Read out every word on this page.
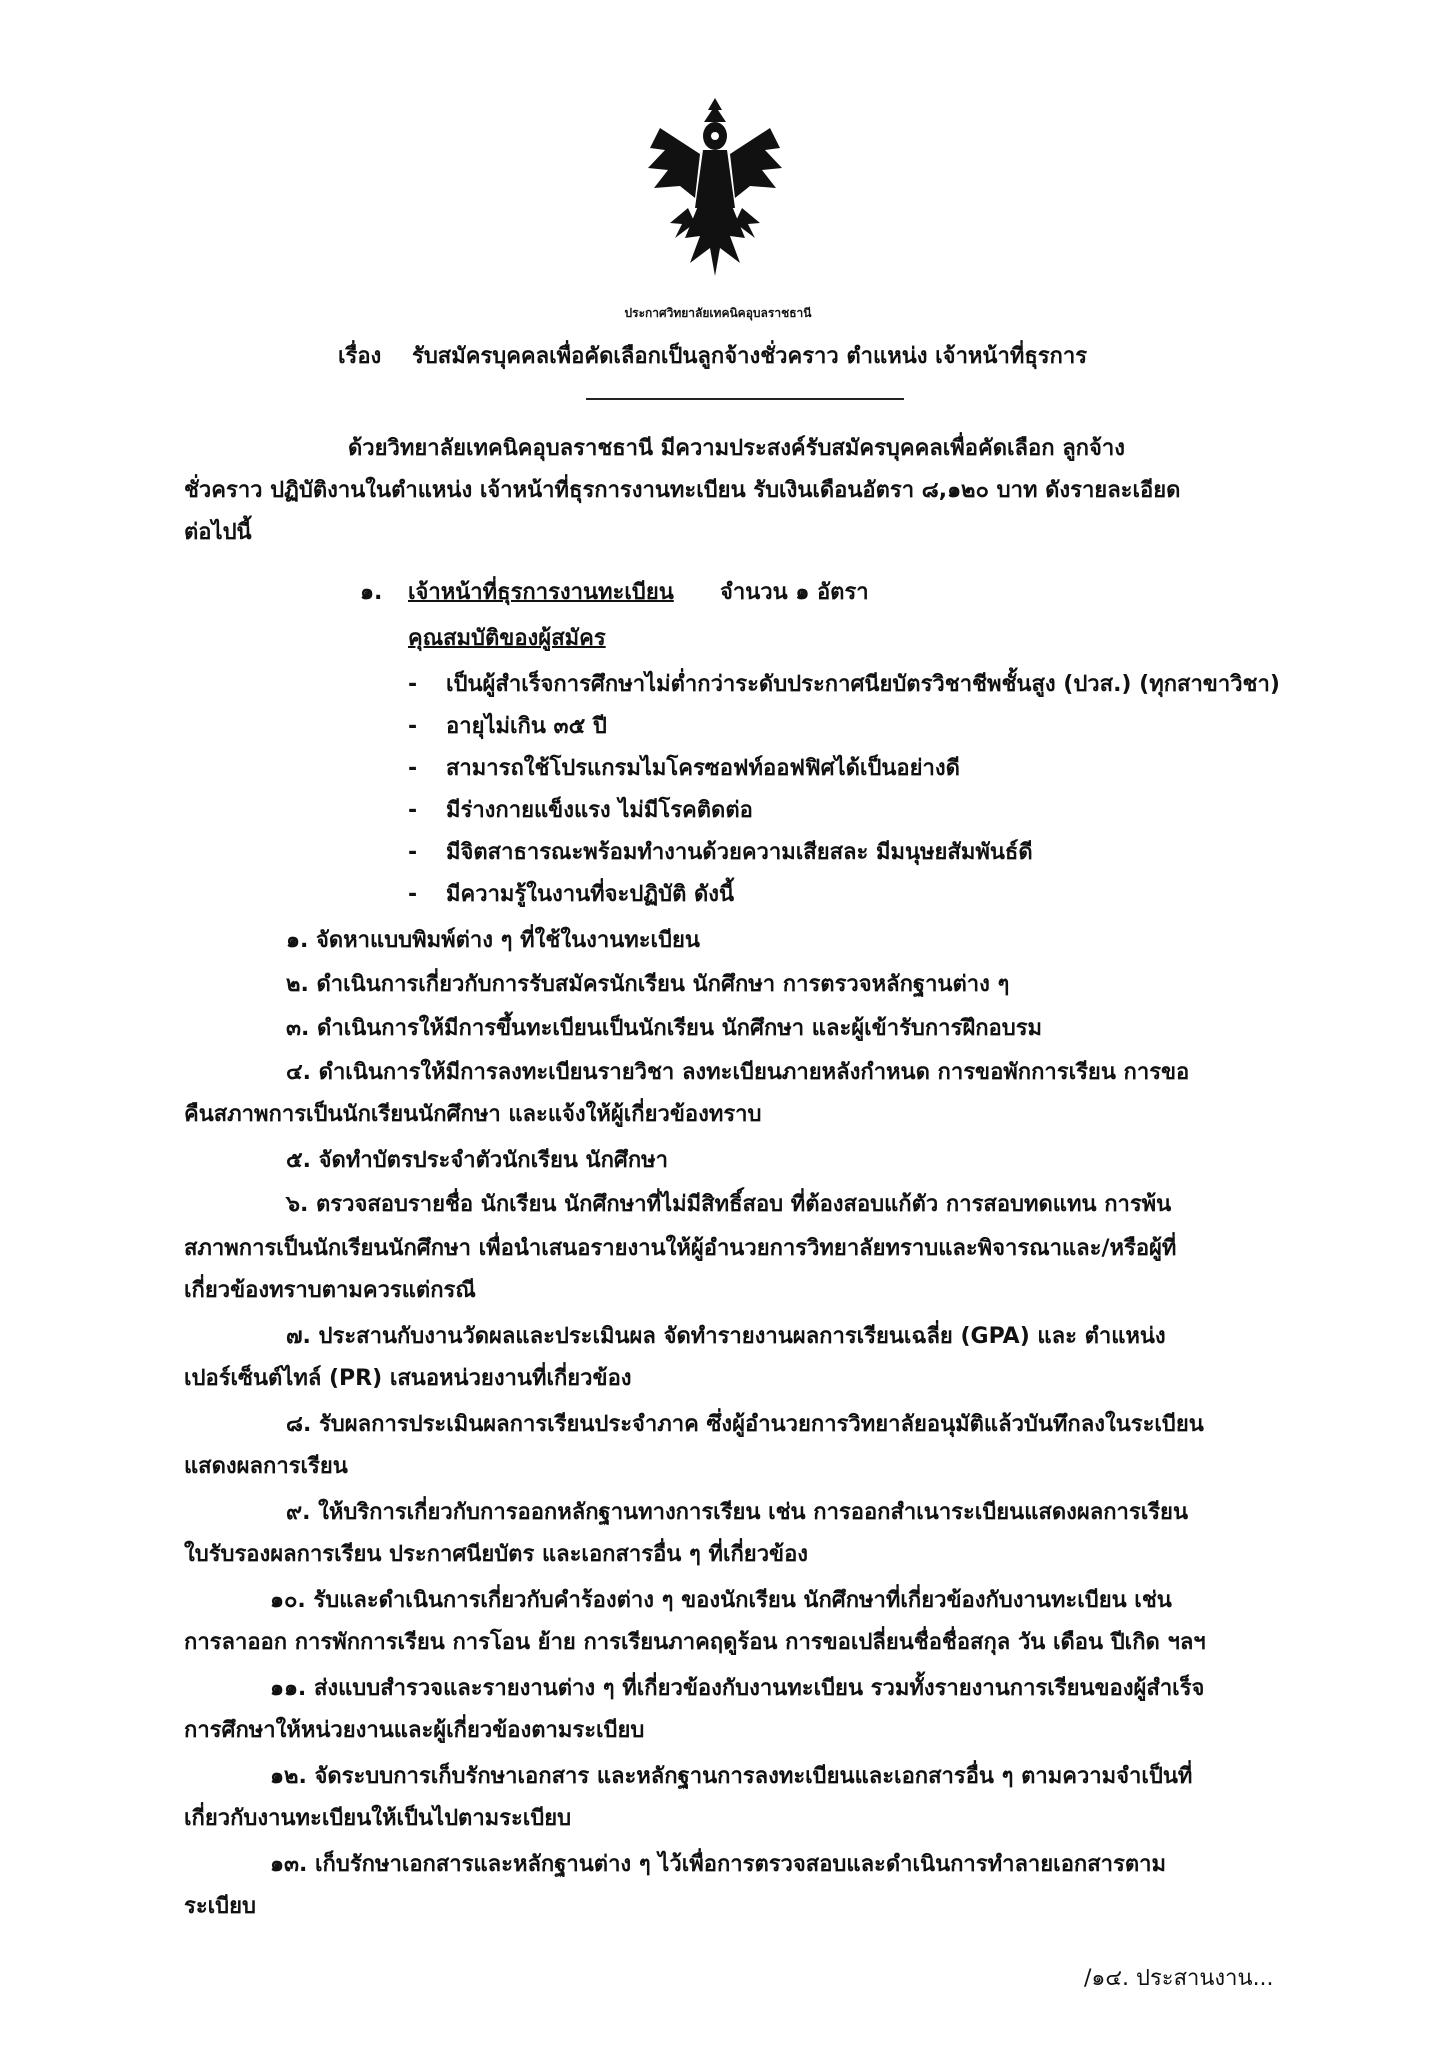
ประกาศวิทยาลัยเทคนิคอุบลราชธานี
เรื่อง รับสมัครบุคคลเพื่อคัดเลือกเป็นลูกจ้างชั่วคราว ตำแหน่ง เจ้าหน้าที่ธุรการ
ด้วยวิทยาลัยเทคนิคอุบลราชธานี มีความประสงค์รับสมัครบุคคลเพื่อคัดเลือก ลูกจ้าง
ชั่วคราว ปฏิบัติงานในตำแหน่ง เจ้าหน้าที่ธุรการงานทะเบียน รับเงินเดือนอัตรา ๘,๑๒๐ บาท ดังรายละเอียด
ต่อไปนี้
๑. เจ้าหน้าที่ธุรการงานทะเบียน จำนวน ๑ อัตรา
คุณสมบัติของผู้สมัคร
- เป็นผู้สำเร็จการศึกษาไม่ต่ำกว่าระดับประกาศนียบัตรวิชาชีพชั้นสูง (ปวส.) (ทุกสาขาวิชา)
- อายุไม่เกิน ๓๕ ปี
- สามารถใช้โปรแกรมไมโครซอฟท์ออฟฟิศได้เป็นอย่างดี
- มีร่างกายแข็งแรง ไม่มีโรคติดต่อ
- มีจิตสาธารณะพร้อมทำงานด้วยความเสียสละ มีมนุษยสัมพันธ์ดี
- มีความรู้ในงานที่จะปฏิบัติ ดังนี้
๑. จัดหาแบบพิมพ์ต่าง ๆ ที่ใช้ในงานทะเบียน
๒. ดำเนินการเกี่ยวกับการรับสมัครนักเรียน นักศึกษา การตรวจหลักฐานต่าง ๆ
๓. ดำเนินการให้มีการขึ้นทะเบียนเป็นนักเรียน นักศึกษา และผู้เข้ารับการฝึกอบรม
๔. ดำเนินการให้มีการลงทะเบียนรายวิชา ลงทะเบียนภายหลังกำหนด การขอพักการเรียน การขอ
คืนสภาพการเป็นนักเรียนนักศึกษา และแจ้งให้ผู้เกี่ยวข้องทราบ
๕. จัดทำบัตรประจำตัวนักเรียน นักศึกษา
๖. ตรวจสอบรายชื่อ นักเรียน นักศึกษาที่ไม่มีสิทธิ์สอบ ที่ต้องสอบแก้ตัว การสอบทดแทน การพ้น
สภาพการเป็นนักเรียนนักศึกษา เพื่อนำเสนอรายงานให้ผู้อำนวยการวิทยาลัยทราบและพิจารณาและ/หรือผู้ที่
เกี่ยวข้องทราบตามควรแต่กรณี
๗. ประสานกับงานวัดผลและประเมินผล จัดทำรายงานผลการเรียนเฉลี่ย (GPA) และ ตำแหน่ง
เปอร์เซ็นต์ไทล์ (PR) เสนอหน่วยงานที่เกี่ยวข้อง
๘. รับผลการประเมินผลการเรียนประจำภาค ซึ่งผู้อำนวยการวิทยาลัยอนุมัติแล้วบันทึกลงในระเบียน
แสดงผลการเรียน
๙. ให้บริการเกี่ยวกับการออกหลักฐานทางการเรียน เช่น การออกสำเนาระเบียนแสดงผลการเรียน
ใบรับรองผลการเรียน ประกาศนียบัตร และเอกสารอื่น ๆ ที่เกี่ยวข้อง
๑๐. รับและดำเนินการเกี่ยวกับคำร้องต่าง ๆ ของนักเรียน นักศึกษาที่เกี่ยวข้องกับงานทะเบียน เช่น
การลาออก การพักการเรียน การโอน ย้าย การเรียนภาคฤดูร้อน การขอเปลี่ยนชื่อชื่อสกุล วัน เดือน ปีเกิด ฯลฯ
๑๑. ส่งแบบสำรวจและรายงานต่าง ๆ ที่เกี่ยวข้องกับงานทะเบียน รวมทั้งรายงานการเรียนของผู้สำเร็จ
การศึกษาให้หน่วยงานและผู้เกี่ยวข้องตามระเบียบ
๑๒. จัดระบบการเก็บรักษาเอกสาร และหลักฐานการลงทะเบียนและเอกสารอื่น ๆ ตามความจำเป็นที่
เกี่ยวกับงานทะเบียนให้เป็นไปตามระเบียบ
๑๓. เก็บรักษาเอกสารและหลักฐานต่าง ๆ ไว้เพื่อการตรวจสอบและดำเนินการทำลายเอกสารตาม
ระเบียบ
/๑๔. ประสานงาน...
